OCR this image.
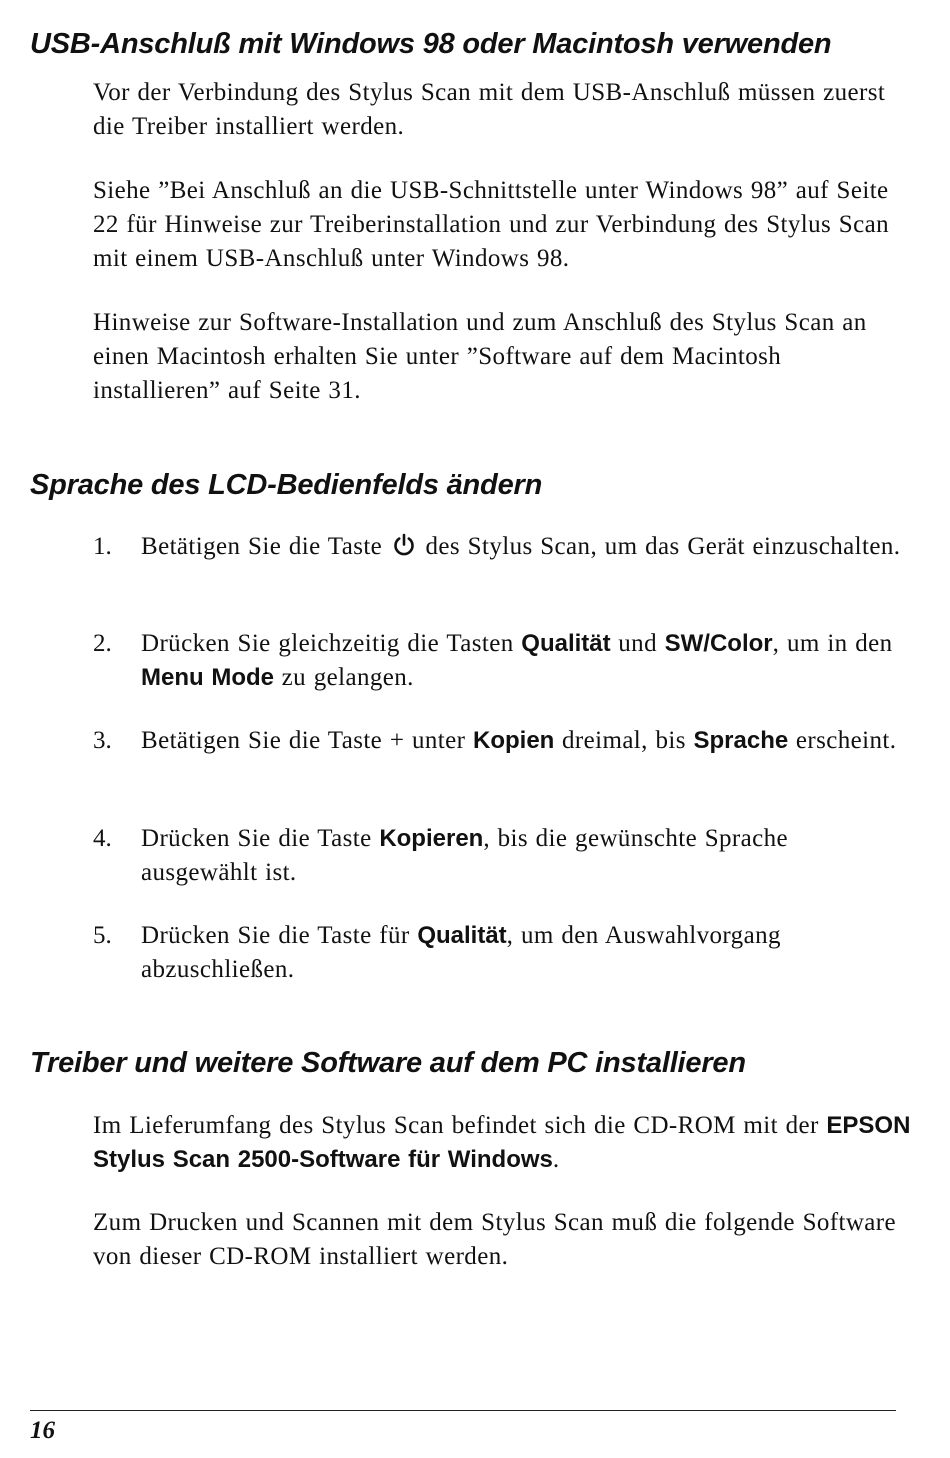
USB-Anschluß mit Windows 98 oder Macintosh verwenden

Vor der Verbindung des Stylus Scan mit dem USB-Anschluß müssen zuerst die Treiber installiert werden.

Siehe ”Bei Anschluß an die USB-Schnittstelle unter Windows 98” auf Seite 22 für Hinweise zur Treiberinstallation und zur Verbindung des Stylus Scan mit einem USB-Anschluß unter Windows 98.

Hinweise zur Software-Installation und zum Anschluß des Stylus Scan an einen Macintosh erhalten Sie unter ”Software auf dem Macintosh installieren” auf Seite 31.

Sprache des LCD-Bedienfelds ändern
1. Betätigen Sie die Taste des Stylus Scan, um das Gerät einzuschalten.

2. Drücken Sie gleichzeitig die Tasten Qualität und SW/Color, um in den Menu Mode zu gelangen.

3. Betätigen Sie die Taste + unter Kopien dreimal, bis Sprache erscheint.

4. Drücken Sie die Taste Kopieren, bis die gewünschte Sprache ausgewählt ist.

5. Drücken Sie die Taste für Qualität, um den Auswahlvorgang abzuschließen.

Treiber und weitere Software auf dem PC installieren

Im Lieferumfang des Stylus Scan befindet sich die CD-ROM mit der EPSON Stylus Scan 2500-Software für Windows.

Zum Drucken und Scannen mit dem Stylus Scan muß die folgende Software von dieser CD-ROM installiert werden.

16
